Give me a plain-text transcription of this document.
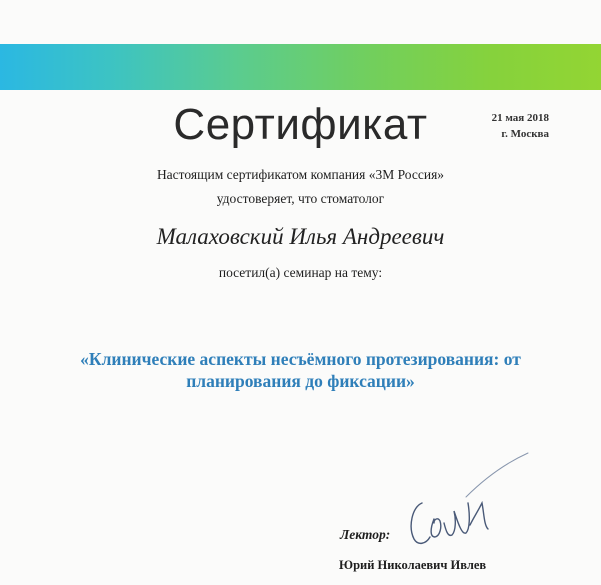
Сертификат	21 мая 2018
г. Москва
Настоящим сертификатом компания «3М Россия»
удостоверяет, что стоматолог
Малаховский Илья Андреевич
посетил(а) семинар на тему:
«Клинические аспекты несъёмного протезирования: от
планирования до фиксации»
Лектор:
Юрий Николаевич Ивлев
